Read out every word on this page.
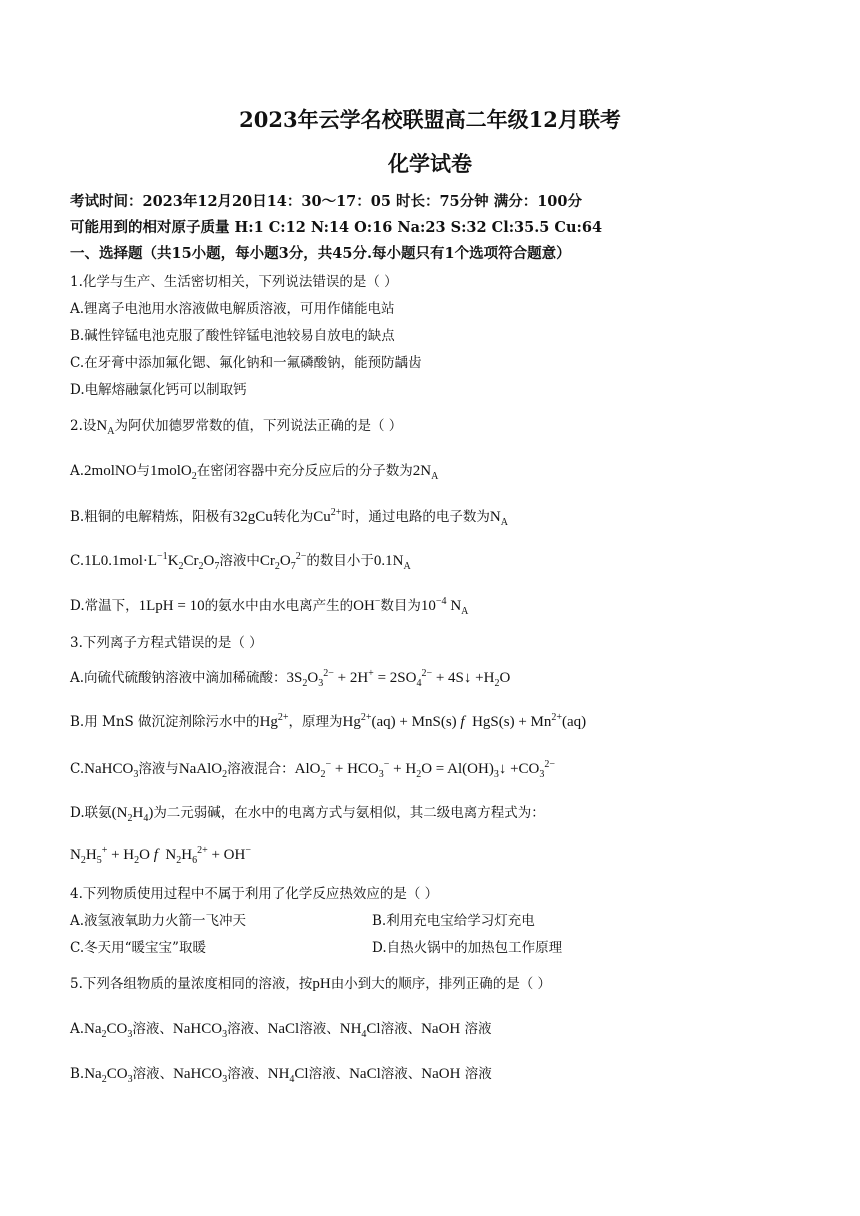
2023年云学名校联盟高二年级12月联考
化学试卷
考试时间：2023年12月20日14：30～17：05 时长：75分钟 满分：100分
可能用到的相对原子质量 H:1 C:12 N:14 O:16 Na:23 S:32 Cl:35.5 Cu:64
一、选择题（共15小题，每小题3分，共45分.每小题只有1个选项符合题意）
1.化学与生产、生活密切相关，下列说法错误的是（ ）
A.锂离子电池用水溶液做电解质溶液，可用作储能电站
B.碱性锌锰电池克服了酸性锌锰电池较易自放电的缺点
C.在牙膏中添加氟化锶、氟化钠和一氟磷酸钠，能预防龋齿
D.电解熔融氯化钙可以制取钙
2.设$N_A$为阿伏加德罗常数的值，下列说法正确的是（ ）
A.2molNO与1molO$_2$在密闭容器中充分反应后的分子数为$2N_A$
B.粗铜的电解精炼，阳极有32gCu转化为$Cu^{2+}$时，通过电路的电子数为$N_A$
$C.1L0.1mol\cdot L^{-1}K_2Cr_2O_7$溶液中$Cr_2O_7^{2-}$的数目小于$0.1N_A$
D.常温下，1LpH = 10的氨水中由水电离产生的OH−数目为$10^{-4}$ $N_A$
3.下列离子方程式错误的是（ ）
A.向硫代硫酸钠溶液中滴加稀硫酸：$3S_2O_3^{2-} + 2H^+ = 2SO_4^{2-}$ + 4S↓ $+H_2O$
B.用 MnS 做沉淀剂除污水中的$Hg^{2+}$，原理为$Hg^{2+}(aq) + MnS(s)$ f  $HgS(s) + Mn^{2+}(aq)$
C.NaHCO$_3$溶液与NaAlO$_2$溶液混合：$AlO_2^- + HCO_3^- + H_2O$ = $Al(OH)_3↓ +CO_3^{2-}$
D.联氨$(N_2H_4)$为二元弱碱，在水中的电离方式与氨相似，其二级电离方程式为：
$N_2H_5^+ + H_2O$ f  $N_2H_6^{2+} + OH^-$
4.下列物质使用过程中不属于利用了化学反应热效应的是（ ）
A.液氢液氧助力火箭一飞冲天	B.利用充电宝给学习灯充电
C.冬天用“暖宝宝”取暖	D.自热火锅中的加热包工作原理
5.下列各组物质的量浓度相同的溶液，按pH由小到大的顺序，排列正确的是（ ）
$A.Na_2CO_3$溶液、NaHCO$_3$溶液、NaCl溶液、$NH_4Cl$溶液、NaOH 溶液
$B.Na_2CO_3$溶液、NaHCO$_3$溶液、$NH_4Cl$溶液、NaCl溶液、NaOH 溶液
